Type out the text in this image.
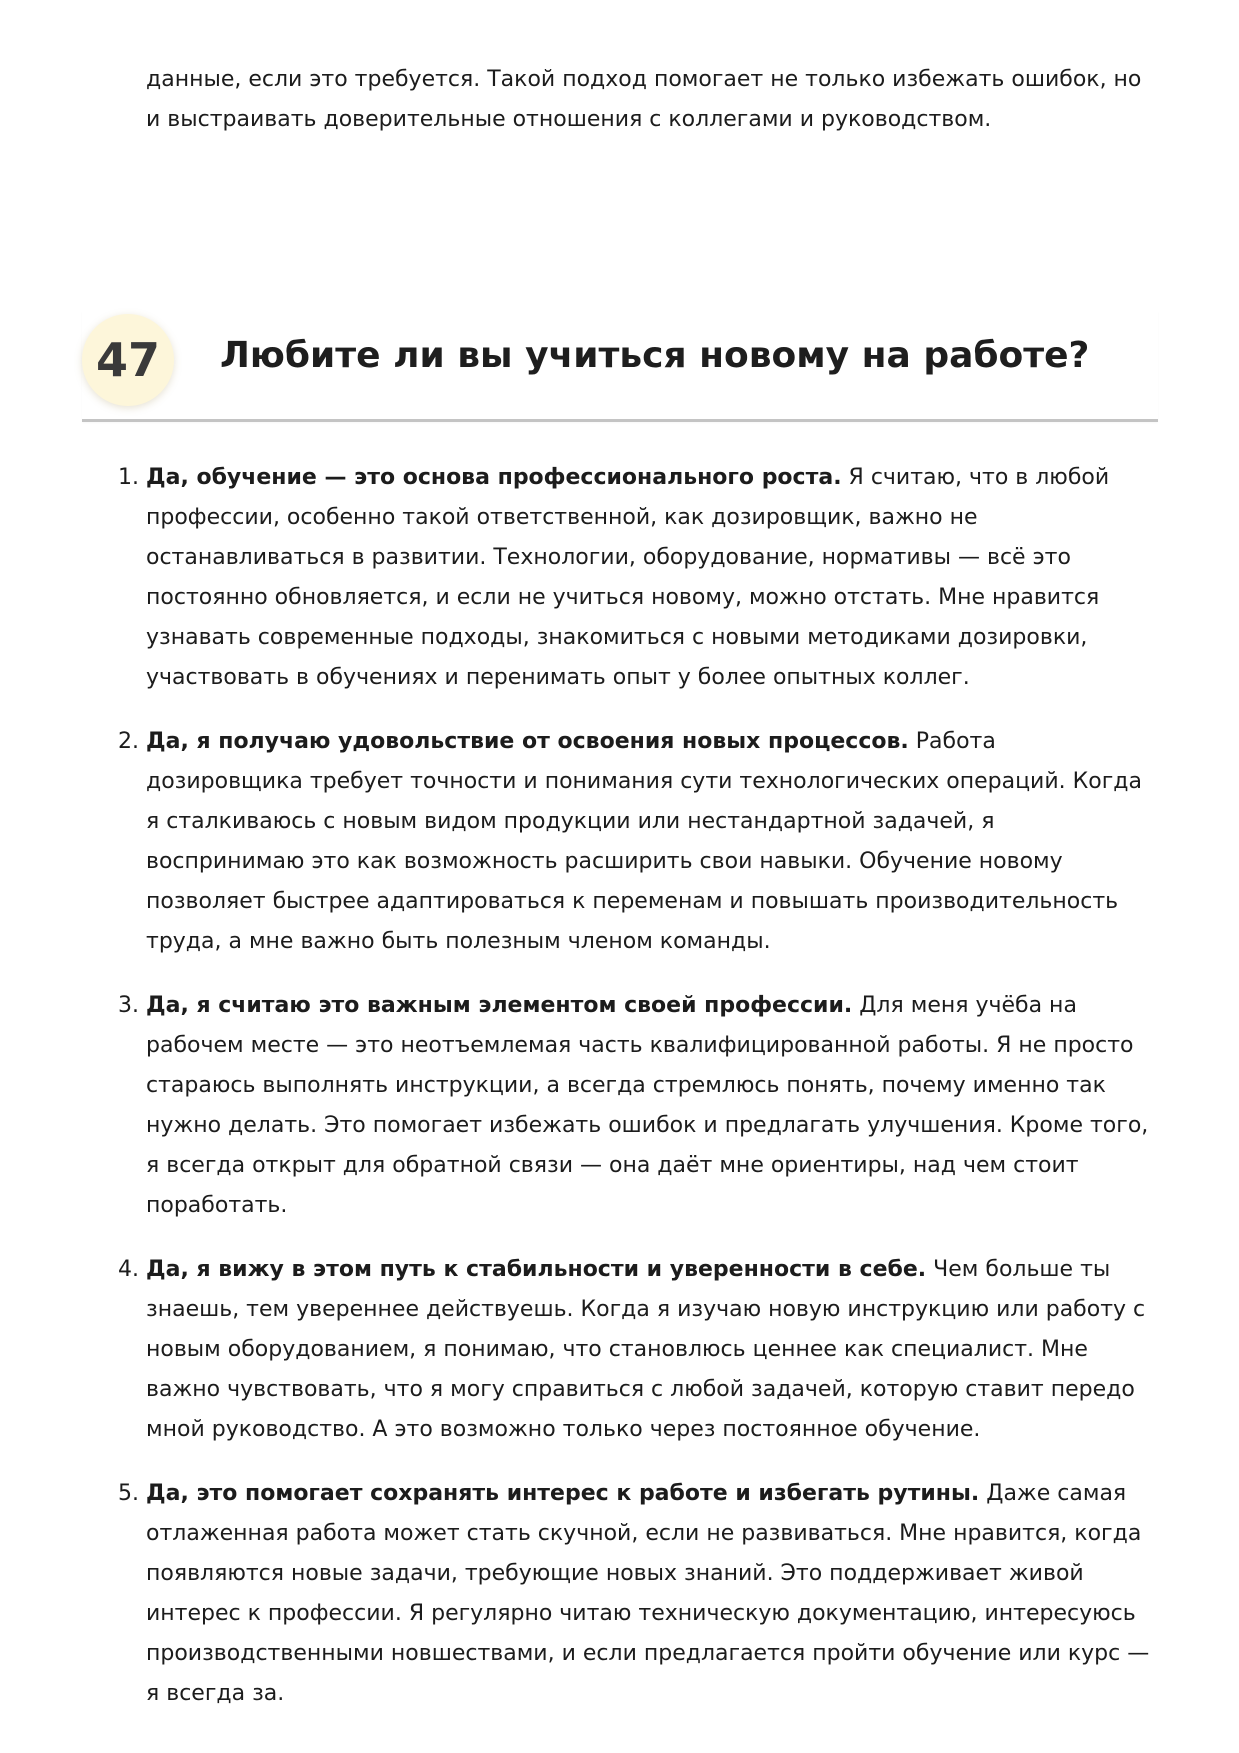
данные, если это требуется. Такой подход помогает не только избежать ошибок, но и выстраивать доверительные отношения с коллегами и руководством.

47	Любите ли вы учиться новому на работе?
1. Да, обучение — это основа профессионального роста. Я считаю, что в любой профессии, особенно такой ответственной, как дозировщик, важно не останавливаться в развитии. Технологии, оборудование, нормативы — всё это постоянно обновляется, и если не учиться новому, можно отстать. Мне нравится узнавать современные подходы, знакомиться с новыми методиками дозировки, участвовать в обучениях и перенимать опыт у более опытных коллег.
2. Да, я получаю удовольствие от освоения новых процессов. Работа дозировщика требует точности и понимания сути технологических операций. Когда я сталкиваюсь с новым видом продукции или нестандартной задачей, я воспринимаю это как возможность расширить свои навыки. Обучение новому позволяет быстрее адаптироваться к переменам и повышать производительность труда, а мне важно быть полезным членом команды.
3. Да, я считаю это важным элементом своей профессии. Для меня учёба на рабочем месте — это неотъемлемая часть квалифицированной работы. Я не просто стараюсь выполнять инструкции, а всегда стремлюсь понять, почему именно так нужно делать. Это помогает избежать ошибок и предлагать улучшения. Кроме того, я всегда открыт для обратной связи — она даёт мне ориентиры, над чем стоит поработать.
4. Да, я вижу в этом путь к стабильности и уверенности в себе. Чем больше ты знаешь, тем увереннее действуешь. Когда я изучаю новую инструкцию или работу с новым оборудованием, я понимаю, что становлюсь ценнее как специалист. Мне важно чувствовать, что я могу справиться с любой задачей, которую ставит передо мной руководство. А это возможно только через постоянное обучение.
5. Да, это помогает сохранять интерес к работе и избегать рутины. Даже самая отлаженная работа может стать скучной, если не развиваться. Мне нравится, когда появляются новые задачи, требующие новых знаний. Это поддерживает живой интерес к профессии. Я регулярно читаю техническую документацию, интересуюсь производственными новшествами, и если предлагается пройти обучение или курс — я всегда за.
